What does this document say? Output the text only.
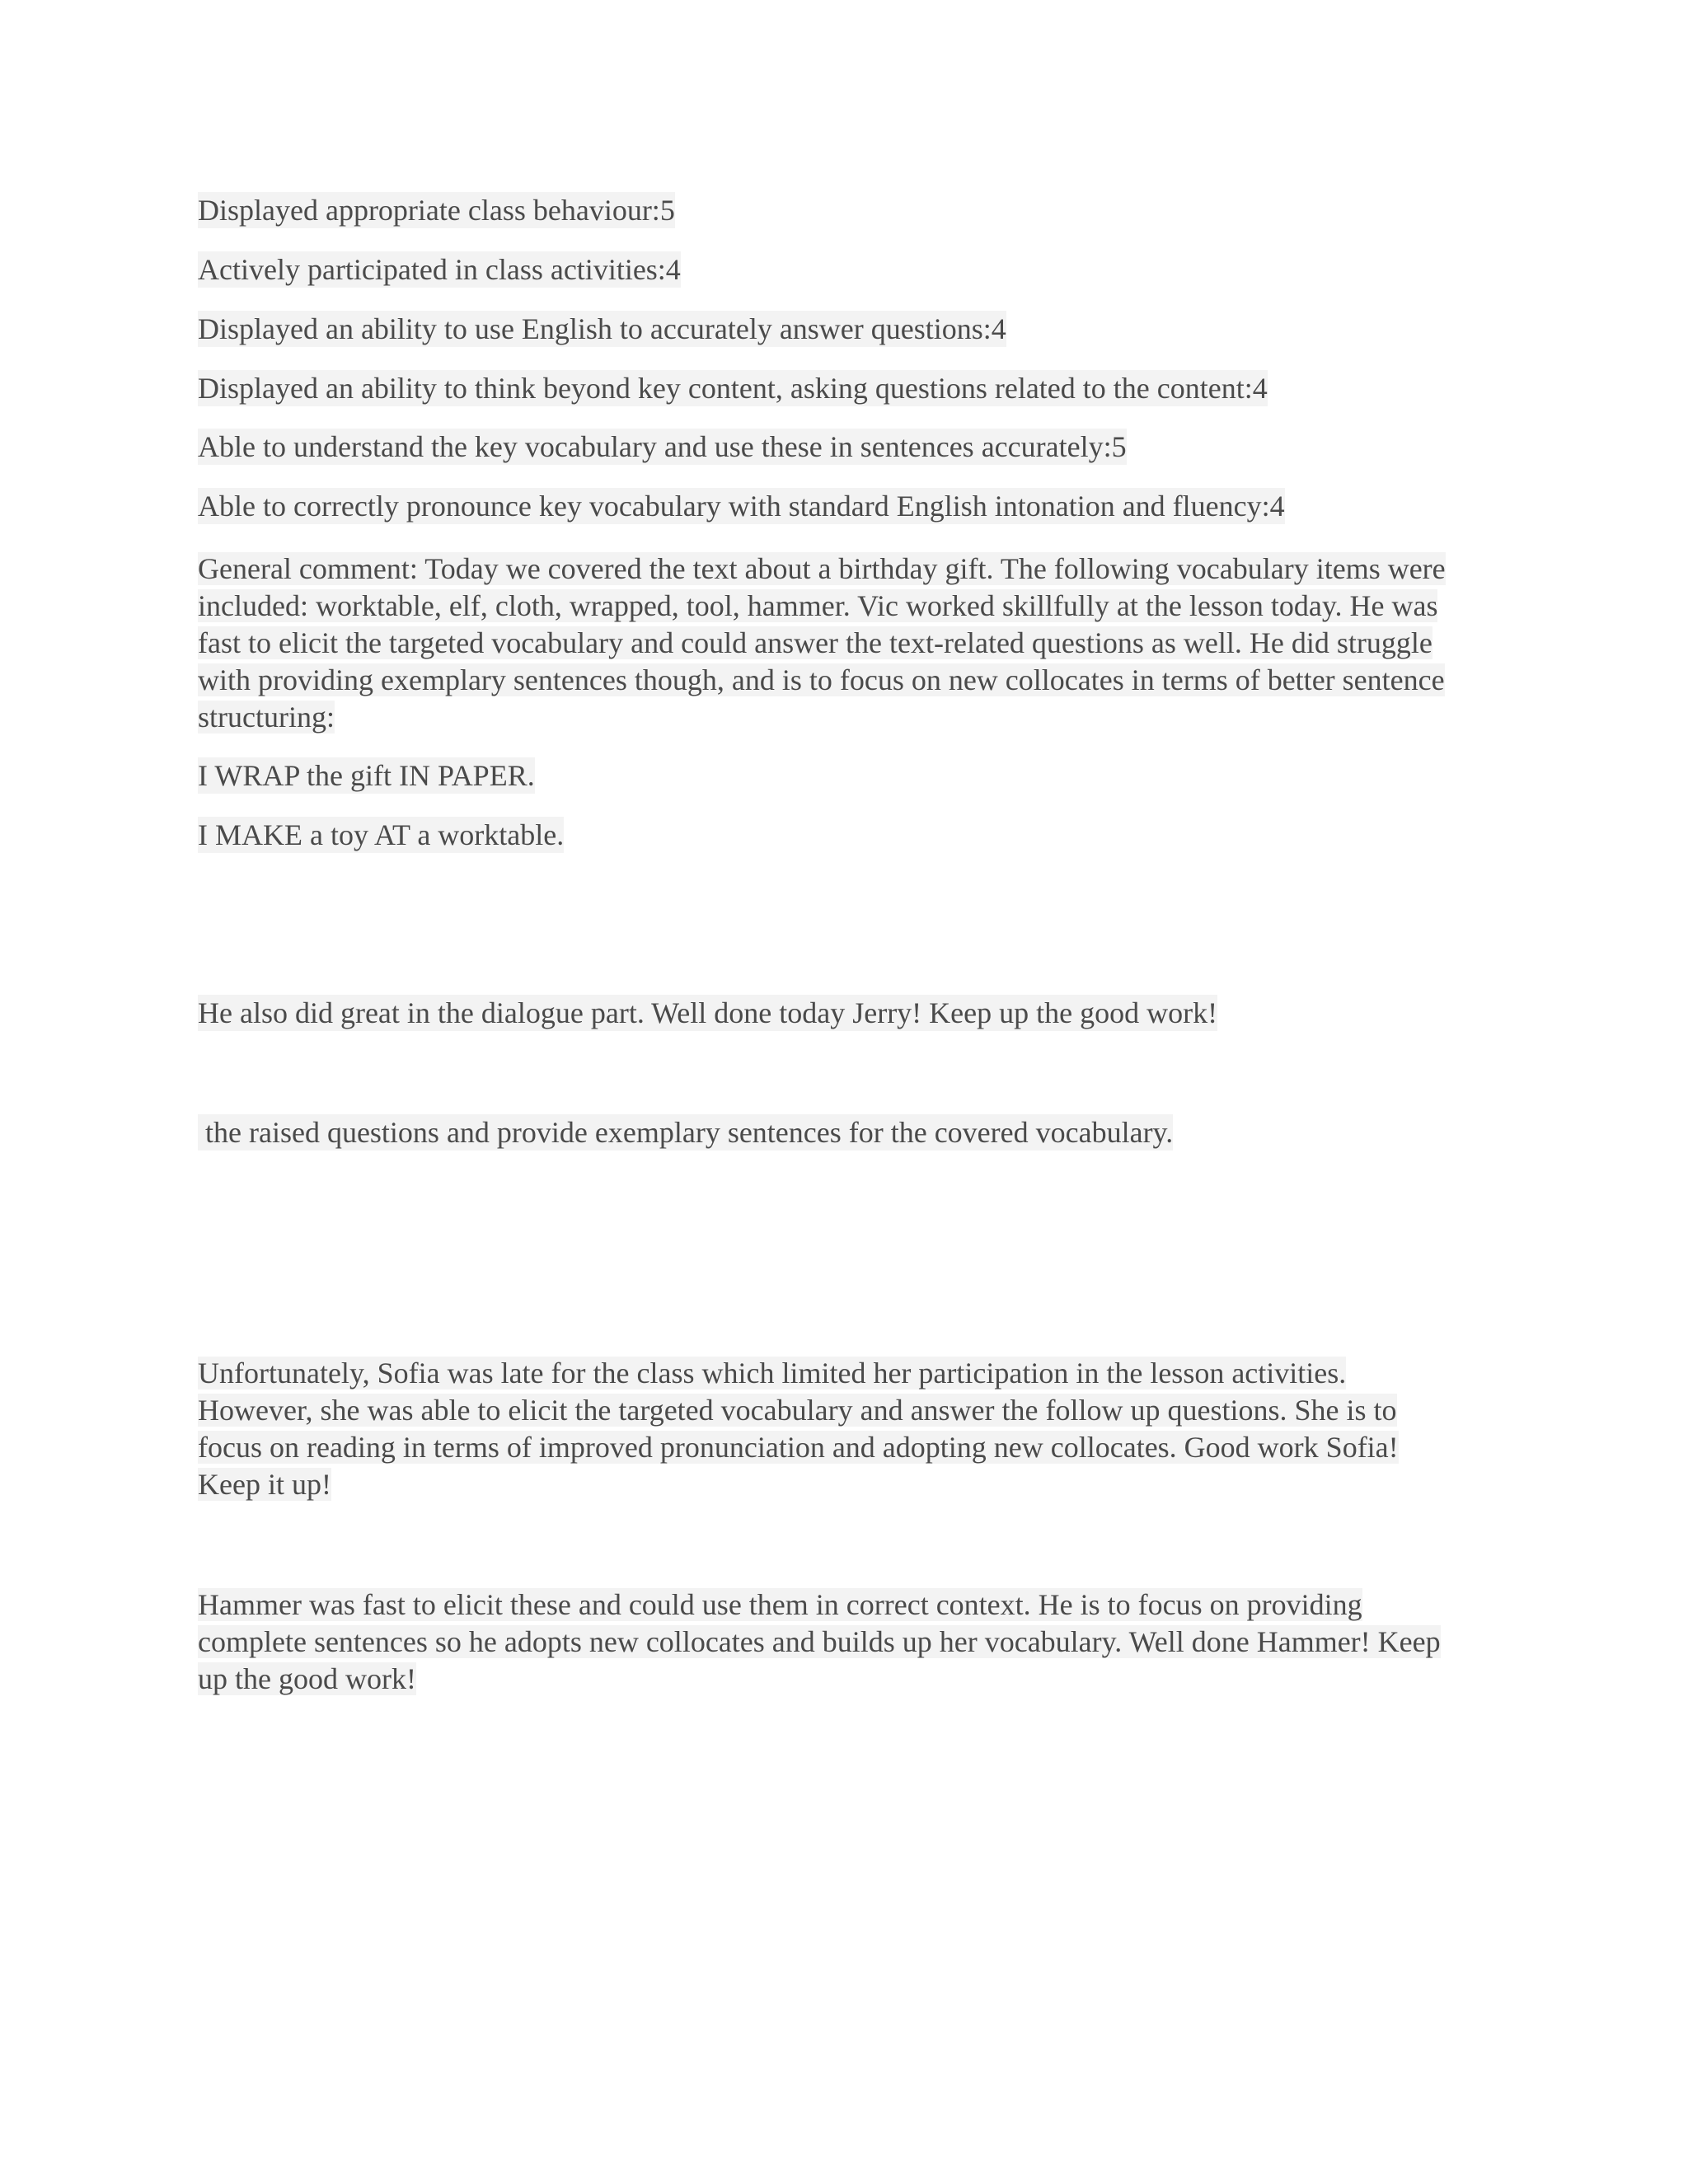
Displayed appropriate class behaviour:5
Actively participated in class activities:4
Displayed an ability to use English to accurately answer questions:4
Displayed an ability to think beyond key content, asking questions related to the content:4
Able to understand the key vocabulary and use these in sentences accurately:5
Able to correctly pronounce key vocabulary with standard English intonation and fluency:4
General comment: Today we covered the text about a birthday gift. The following vocabulary items were
included: worktable, elf, cloth, wrapped, tool, hammer. Vic worked skillfully at the lesson today. He was
fast to elicit the targeted vocabulary and could answer the text-related questions as well. He did struggle
with providing exemplary sentences though, and is to focus on new collocates in terms of better sentence
structuring:
I WRAP the gift IN PAPER.
I MAKE a toy AT a worktable.
He also did great in the dialogue part. Well done today Jerry! Keep up the good work!
the raised questions and provide exemplary sentences for the covered vocabulary.
Unfortunately, Sofia was late for the class which limited her participation in the lesson activities.
However, she was able to elicit the targeted vocabulary and answer the follow up questions. She is to
focus on reading in terms of improved pronunciation and adopting new collocates. Good work Sofia!
Keep it up!
Hammer was fast to elicit these and could use them in correct context. He is to focus on providing
complete sentences so he adopts new collocates and builds up her vocabulary. Well done Hammer! Keep
up the good work!
